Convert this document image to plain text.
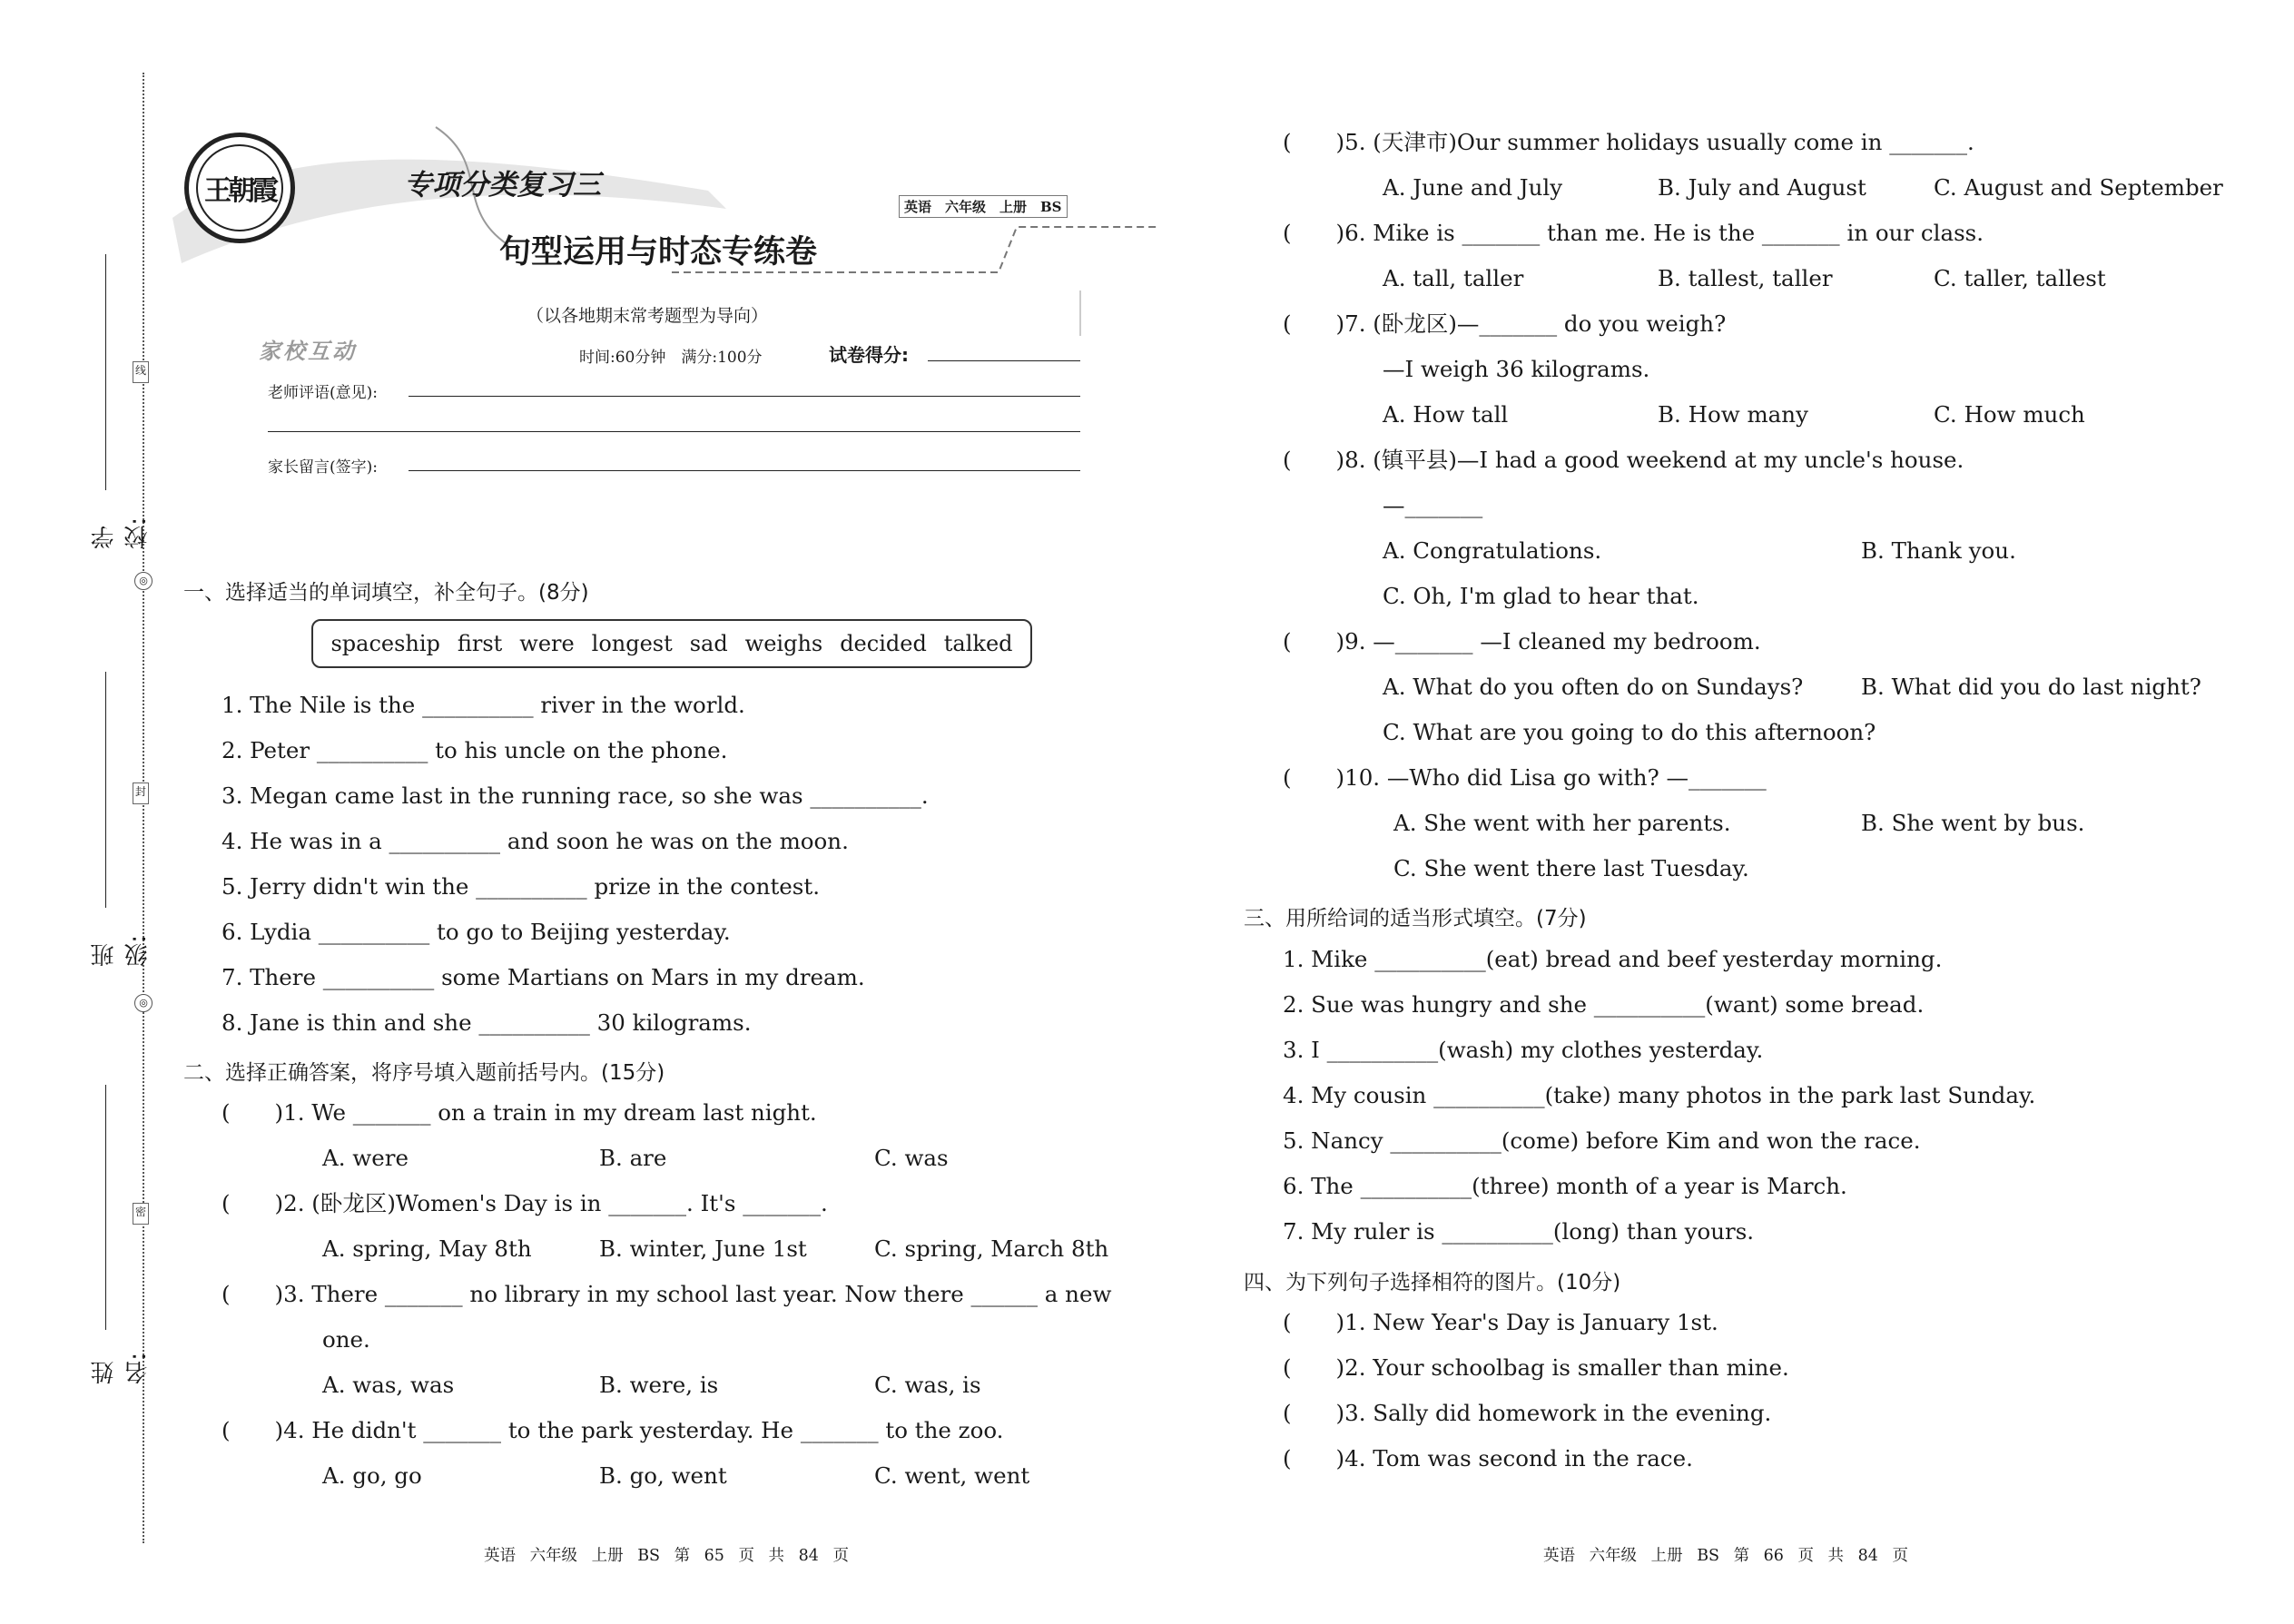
◎
◎
线
封
密
学校:
班级:
姓名:
王朝霞	专项分类复习三
句型运用与时态专练卷
英语　六年级　上册　BS
（以各地期末常考题型为导向）
家校互动	时间:60分钟　满分:100分	试卷得分:
老师评语(意见):
家长留言(签字):
一、选择适当的单词填空，补全句子。(8分)
spaceship first were longest sad weighs decided talked
1. The Nile is the __________ river in the world.
2. Peter __________ to his uncle on the phone.
3. Megan came last in the running race, so she was __________.
4. He was in a __________ and soon he was on the moon.
5. Jerry didn't win the __________ prize in the contest.
6. Lydia __________ to go to Beijing yesterday.
7. There __________ some Martians on Mars in my dream.
8. Jane is thin and she __________ 30 kilograms.
二、选择正确答案，将序号填入题前括号内。(15分)
(　　)1. We _______ on a train in my dream last night.
A. were	B. are	C. was
(　　)2. (卧龙区)Women's Day is in _______. It's _______.
A. spring, May 8th	B. winter, June 1st	C. spring, March 8th
(　　)3. There _______ no library in my school last year. Now there ______ a new
one.
A. was, was	B. were, is	C. was, is
(　　)4. He didn't _______ to the park yesterday. He _______ to the zoo.
A. go, go	B. go, went	C. went, went
英语 六年级 上册 BS 第 65 页 共 84 页
(　　)5. (天津市)Our summer holidays usually come in _______.
A. June and July	B. July and August	C. August and September
(　　)6. Mike is _______ than me. He is the _______ in our class.
A. tall, taller	B. tallest, taller	C. taller, tallest
(　　)7. (卧龙区)—_______ do you weigh?
—I weigh 36 kilograms.
A. How tall	B. How many	C. How much
(　　)8. (镇平县)—I had a good weekend at my uncle's house.
—_______
A. Congratulations.	B. Thank you.
C. Oh, I'm glad to hear that.
(　　)9. —_______ —I cleaned my bedroom.
A. What do you often do on Sundays?	B. What did you do last night?
C. What are you going to do this afternoon?
(　　)10. —Who did Lisa go with? —_______
A. She went with her parents.	B. She went by bus.
C. She went there last Tuesday.
三、用所给词的适当形式填空。(7分)
1. Mike __________(eat) bread and beef yesterday morning.
2. Sue was hungry and she __________(want) some bread.
3. I __________(wash) my clothes yesterday.
4. My cousin __________(take) many photos in the park last Sunday.
5. Nancy __________(come) before Kim and won the race.
6. The __________(three) month of a year is March.
7. My ruler is __________(long) than yours.
四、为下列句子选择相符的图片。(10分)
(　　)1. New Year's Day is January 1st.
(　　)2. Your schoolbag is smaller than mine.
(　　)3. Sally did homework in the evening.
(　　)4. Tom was second in the race.
英语 六年级 上册 BS 第 66 页 共 84 页
